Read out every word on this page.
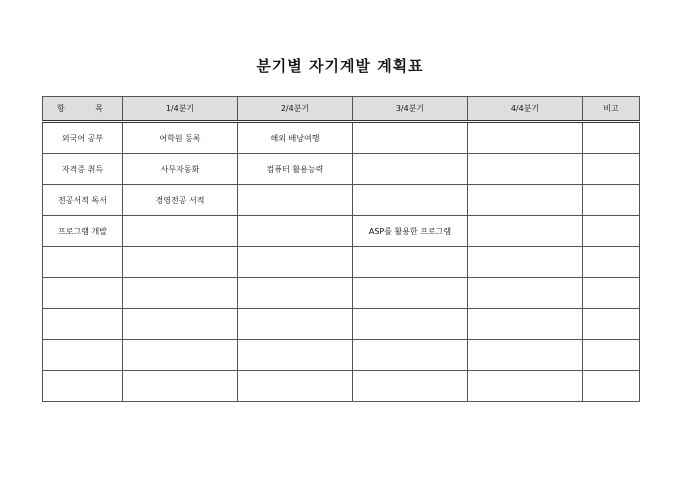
분기별 자기계발 계획표
항 목	1/4분기	2/4분기	3/4분기	4/4분기	비고
외국어 공부	어학원 등록	해외 배낭여행			
자격증 취득	사무자동화	컴퓨터 활용능력			
전공서적 독서	경영전공 서적				
프로그램 개발			ASP를 활용한 프로그램		
